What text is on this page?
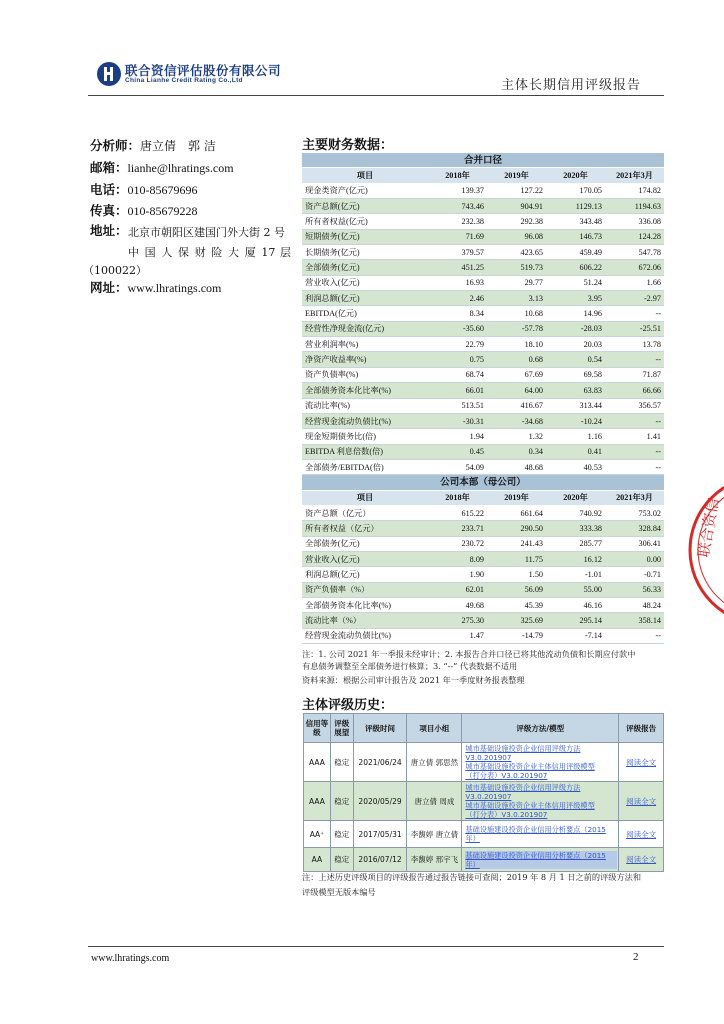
联合资信评估股份有限公司
China Lianhe Credit Rating Co.,Ltd	主体长期信用评级报告
分析师：唐立倩　郭 洁
邮箱：lianhe@lhratings.com
电话：010-85679696
传真：010-85679228
地址： 北京市朝阳区建国门外大街 2 号
中 国 人 保 财 险 大 厦 17 层
（100022）
网址：www.lhratings.com
主要财务数据：
合并口径				
项目	2018年	2019年	2020年	2021年3月
现金类资产(亿元)	139.37	127.22	170.05	174.82
资产总额(亿元)	743.46	904.91	1129.13	1194.63
所有者权益(亿元)	232.38	292.38	343.48	336.08
短期债务(亿元)	71.69	96.08	146.73	124.28
长期债务(亿元)	379.57	423.65	459.49	547.78
全部债务(亿元)	451.25	519.73	606.22	672.06
营业收入(亿元)	16.93	29.77	51.24	1.66
利润总额(亿元)	2.46	3.13	3.95	-2.97
EBITDA(亿元)	8.34	10.68	14.96	--
经营性净现金流(亿元)	-35.60	-57.78	-28.03	-25.51
营业利润率(%)	22.79	18.10	20.03	13.78
净资产收益率(%)	0.75	0.68	0.54	--
资产负债率(%)	68.74	67.69	69.58	71.87
全部债务资本化比率(%)	66.01	64.00	63.83	66.66
流动比率(%)	513.51	416.67	313.44	356.57
经营现金流动负债比(%)	-30.31	-34.68	-10.24	--
现金短期债务比(倍)	1.94	1.32	1.16	1.41
EBITDA 利息倍数(倍)	0.45	0.34	0.41	--
全部债务/EBITDA(倍)	54.09	48.68	40.53	--
公司本部（母公司）				
项目	2018年	2019年	2020年	2021年3月
资产总额（亿元）	615.22	661.64	740.92	753.02
所有者权益（亿元）	233.71	290.50	333.38	328.84
全部债务(亿元)	230.72	241.43	285.77	306.41
营业收入(亿元)	8.09	11.75	16.12	0.00
利润总额(亿元)	1.90	1.50	-1.01	-0.71
资产负债率（%）	62.01	56.09	55.00	56.33
全部债务资本化比率(%)	49.68	45.39	46.16	48.24
流动比率（%）	275.30	325.69	295.14	358.14
经营现金流动负债比(%)	1.47	-14.79	-7.14	--
注：1. 公司 2021 年一季报未经审计；2. 本报告合并口径已将其他流动负债和长期应付款中
有息债务调整至全部债务进行核算；3. “--” 代表数据不适用
资料来源：根据公司审计报告及 2021 年一季度财务报表整理
主体评级历史：
信用等级	评级展望	评级时间	项目小组	评级方法/模型	评级报告
AAA	稳定	2021/06/24	唐立倩 郭思然	城市基础设施投资企业信用评级方法
V3.0.201907
城市基础设施投资企业主体信用评级模型
（打分表）V3.0.201907	阅读全文
AAA	稳定	2020/05/29	唐立倩 周成	城市基础设施投资企业信用评级方法
V3.0.201907
城市基础设施投资企业主体信用评级模型
（打分表）V3.0.201907	阅读全文
AA⁺	稳定	2017/05/31	李馥婷 唐立倩	基础设施建设投资企业信用分析要点（2015
年）	阅读全文
AA	稳定	2016/07/12	李馥婷 邢宇飞	基础设施建设投资企业信用分析要点（2015
年）	阅读全文
注：上述历史评级项目的评级报告通过报告链接可查阅；2019 年 8 月 1 日之前的评级方法和
评级模型无版本编号
联合资信
www.lhratings.com	2
